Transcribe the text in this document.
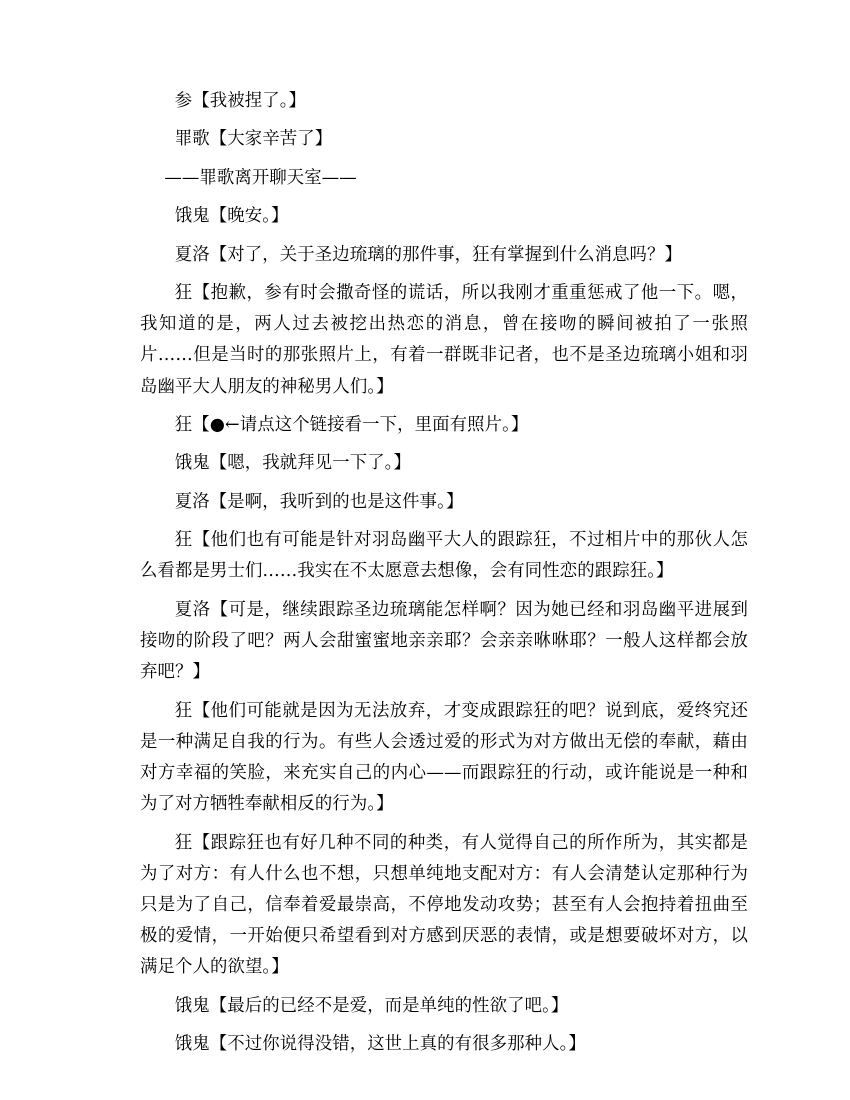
参【我被捏了。】

罪歌【大家辛苦了】

——罪歌离开聊天室——

饿鬼【晚安。】

夏洛【对了，关于圣边琉璃的那件事，狂有掌握到什么消息吗？】

狂【抱歉，参有时会撒奇怪的谎话，所以我刚才重重惩戒了他一下。嗯，我知道的是，两人过去被挖出热恋的消息，曾在接吻的瞬间被拍了一张照片……但是当时的那张照片上，有着一群既非记者，也不是圣边琉璃小姐和羽岛幽平大人朋友的神秘男人们。】

狂【●←请点这个链接看一下，里面有照片。】

饿鬼【嗯，我就拜见一下了。】

夏洛【是啊，我听到的也是这件事。】

狂【他们也有可能是针对羽岛幽平大人的跟踪狂，不过相片中的那伙人怎么看都是男士们……我实在不太愿意去想像，会有同性恋的跟踪狂。】

夏洛【可是，继续跟踪圣边琉璃能怎样啊？因为她已经和羽岛幽平进展到接吻的阶段了吧？两人会甜蜜蜜地亲亲耶？会亲亲咻咻耶？一般人这样都会放弃吧？】

狂【他们可能就是因为无法放弃，才变成跟踪狂的吧？说到底，爱终究还是一种满足自我的行为。有些人会透过爱的形式为对方做出无偿的奉献，藉由对方幸福的笑脸，来充实自己的内心——而跟踪狂的行动，或许能说是一种和为了对方牺牲奉献相反的行为。】

狂【跟踪狂也有好几种不同的种类，有人觉得自己的所作所为，其实都是为了对方：有人什么也不想，只想单纯地支配对方：有人会清楚认定那种行为只是为了自己，信奉着爱最崇高，不停地发动攻势；甚至有人会抱持着扭曲至极的爱情，一开始便只希望看到对方感到厌恶的表情，或是想要破坏对方，以满足个人的欲望。】

饿鬼【最后的已经不是爱，而是单纯的性欲了吧。】

饿鬼【不过你说得没错，这世上真的有很多那种人。】
